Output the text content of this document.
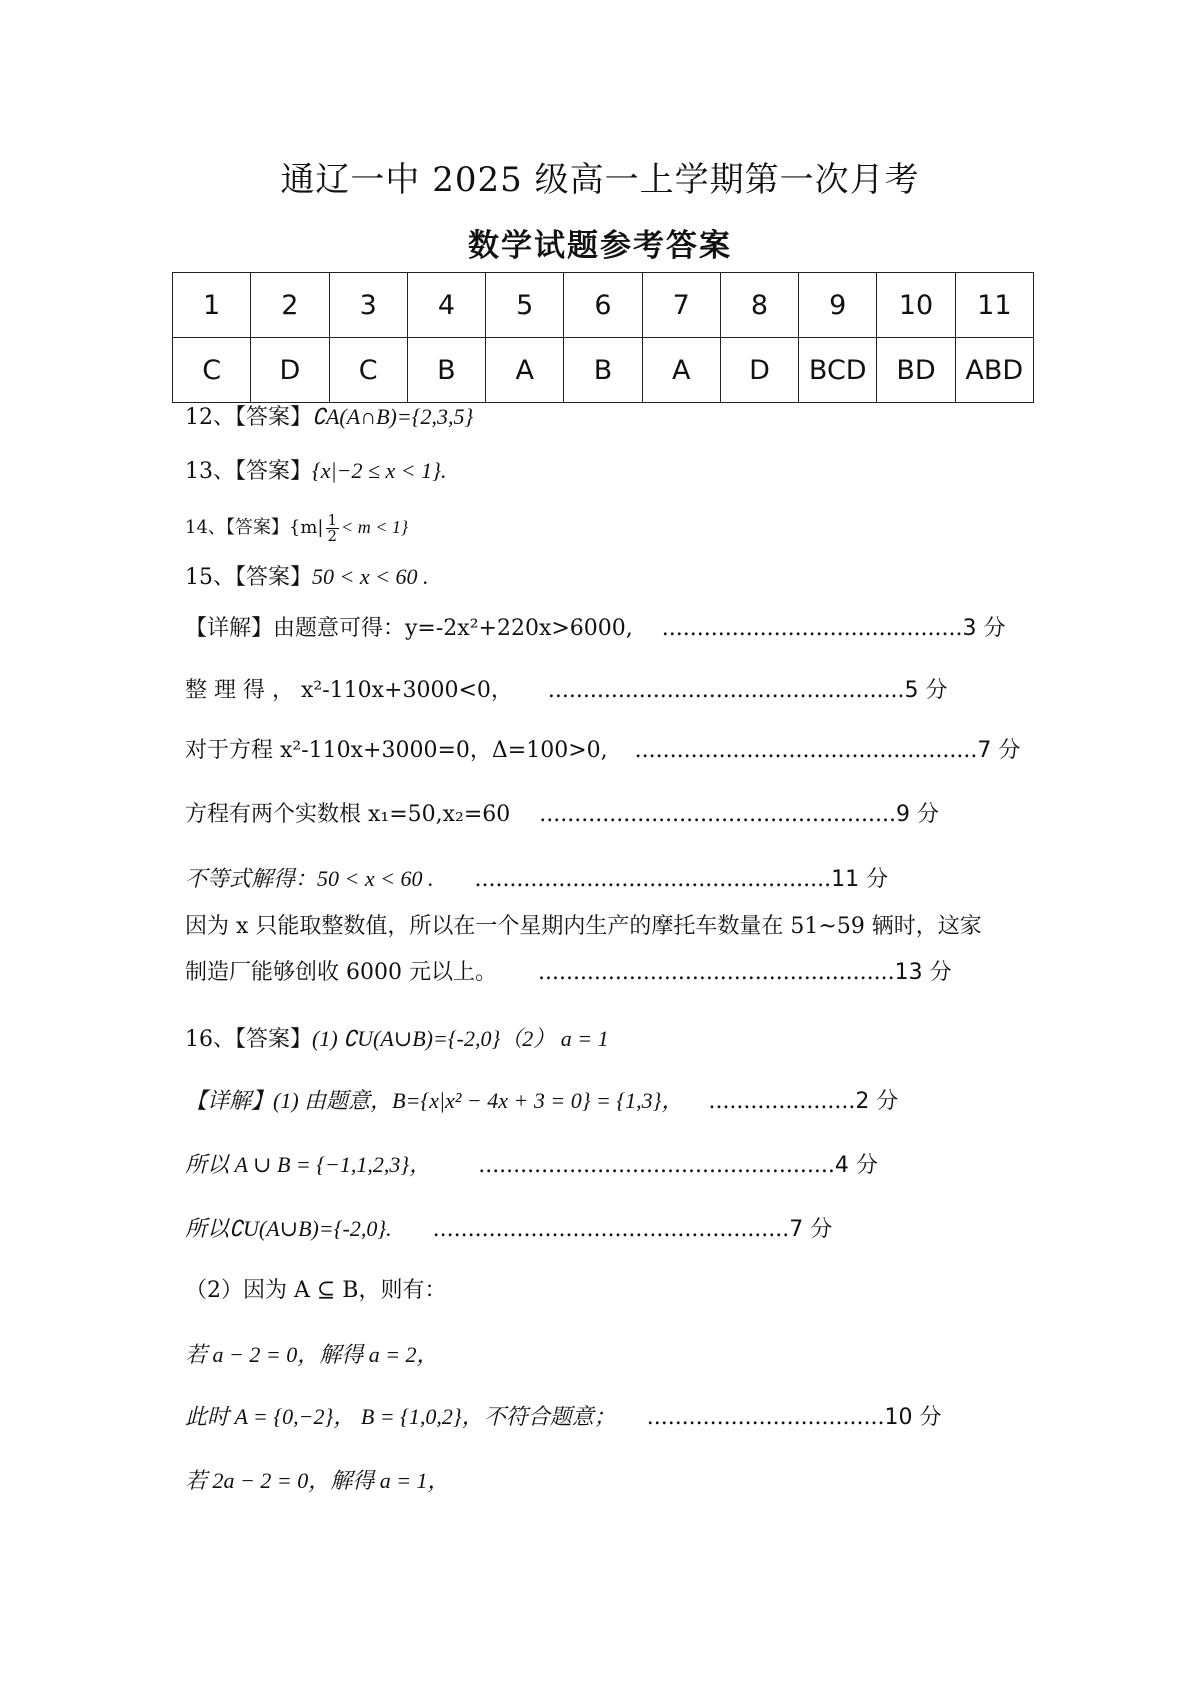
通辽一中 2025 级高一上学期第一次月考
数学试题参考答案
1	2	3	4	5	6	7	8	9	10	11
C	D	C	B	A	B	A	D	BCD	BD	ABD
12、【答案】∁A(A∩B)={2,3,5}
13、【答案】{x|−2 ≤ x < 1}.
14、【答案】$\{m| \frac{1}{2} < m < 1\}$
15、【答案】50 < x < 60 .
【详解】由题意可得：y=-2x²+220x>6000, ...........................................3 分
整 理 得 ， x²-110x+3000<0， ...................................................5 分
对于方程 x²-110x+3000=0，Δ=100>0, .................................................7 分
方程有两个实数根 x₁=50,x₂=60 ...................................................9 分
不等式解得：50 < x < 60 . ...................................................11 分
因为 x 只能取整数值，所以在一个星期内生产的摩托车数量在 51~59 辆时，这家
制造厂能够创收 6000 元以上。 ...................................................13 分
16、【答案】(1) ∁U(A∪B)={-2,0}（2） a = 1
【详解】(1) 由题意，B={x|x² − 4x + 3 = 0} = {1,3}， .....................2 分
所以 A ∪ B = {−1,1,2,3}， ...................................................4 分
所以∁U(A∪B)={-2,0}. ...................................................7 分
（2）因为 A ⊆ B，则有：
若 a − 2 = 0，解得 a = 2，
此时 A = {0,−2}， B = {1,0,2}，不符合题意； ..................................10 分
若 2a − 2 = 0，解得 a = 1，
